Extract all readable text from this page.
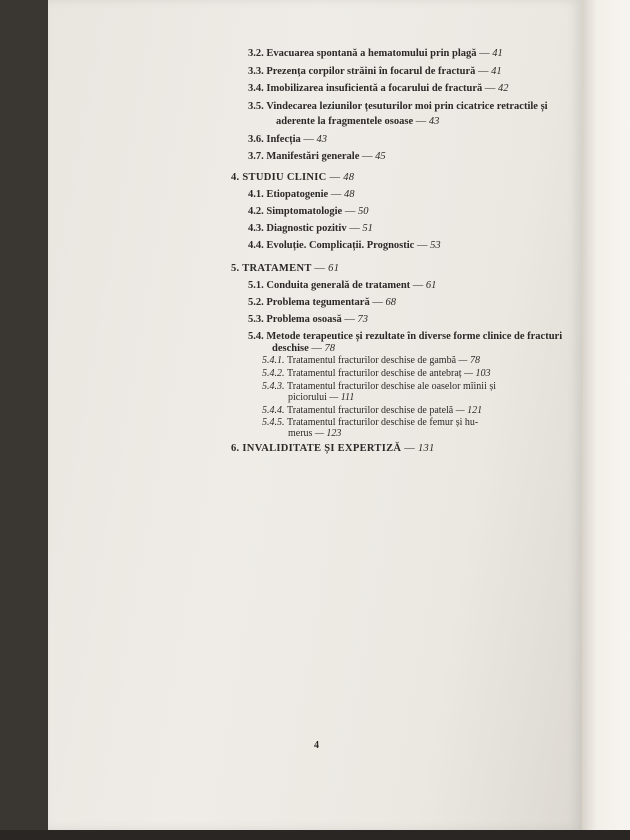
3.2. Evacuarea spontană a hematomului prin plagă — 41
3.3. Prezența corpilor străini în focarul de fractură — 41
3.4. Imobilizarea insuficientă a focarului de fractură — 42
3.5. Vindecarea leziunilor țesuturilor moi prin cicatrice retractile și
aderente la fragmentele osoase — 43
3.6. Infecția — 43
3.7. Manifestări generale — 45
4. STUDIU CLINIC — 48
4.1. Etiopatogenie — 48
4.2. Simptomatologie — 50
4.3. Diagnostic pozitiv — 51
4.4. Evoluție. Complicații. Prognostic — 53
5. TRATAMENT — 61
5.1. Conduita generală de tratament — 61
5.2. Problema tegumentară — 68
5.3. Problema osoasă — 73
5.4. Metode terapeutice și rezultate în diverse forme clinice de fracturi
deschise — 78
5.4.1. Tratamentul fracturilor deschise de gambă — 78
5.4.2. Tratamentul fracturilor deschise de antebraț — 103
5.4.3. Tratamentul fracturilor deschise ale oaselor mîinii și
piciorului — 111
5.4.4. Tratamentul fracturilor deschise de patelă — 121
5.4.5. Tratamentul fracturilor deschise de femur și hu-
merus — 123
6. INVALIDITATE ȘI EXPERTIZĂ — 131
4
